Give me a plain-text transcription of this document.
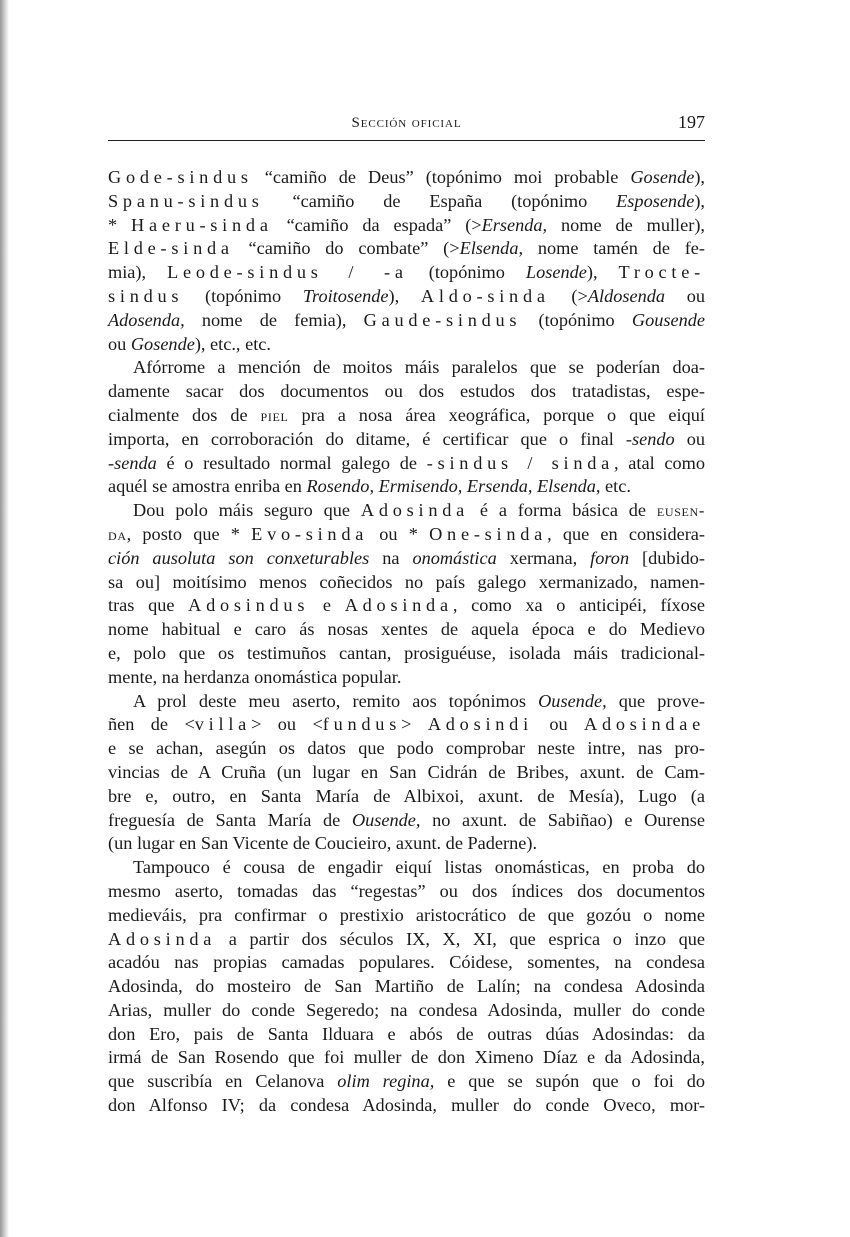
Sección oficial	197
Gode-sindus “camiño de Deus” (topónimo moi probable Gosende),
Spanu-sindus “camiño de España (topónimo Esposende),
* Haeru-sinda “camiño da espada” (>Ersenda, nome de muller),
Elde-sinda “camiño do combate” (>Elsenda, nome tamén de fe-
mia), Leode-sindus / -a (topónimo Losende), Trocte-
sindus (topónimo Troitosende), Aldo-sinda (>Aldosenda ou
Adosenda, nome de femia), Gaude-sindus (topónimo Gousende
ou Gosende), etc., etc.
Afórrome a mención de moitos máis paralelos que se poderían doa-
damente sacar dos documentos ou dos estudos dos tratadistas, espe-
cialmente dos de piel pra a nosa área xeográfica, porque o que eiquí
importa, en corroboración do ditame, é certificar que o final -sendo ou
-senda é o resultado normal galego de -sindus / sinda, atal como
aquél se amostra enriba en Rosendo, Ermisendo, Ersenda, Elsenda, etc.
Dou polo máis seguro que Adosinda é a forma básica de eusen-
da, posto que * Evo-sinda ou * One-sinda, que en considera-
ción ausoluta son conxeturables na onomástica xermana, foron [dubido-
sa ou] moitísimo menos coñecidos no país galego xermanizado, namen-
tras que Adosindus e Adosinda, como xa o anticipéi, fíxose
nome habitual e caro ás nosas xentes de aquela época e do Medievo
e, polo que os testimuños cantan, prosiguéuse, isolada máis tradicional-
mente, na herdanza onomástica popular.
A prol deste meu aserto, remito aos topónimos Ousende, que prove-
ñen de <villa> ou <fundus> Adosindi ou Adosindae
e se achan, asegún os datos que podo comprobar neste intre, nas pro-
vincias de A Cruña (un lugar en San Cidrán de Bribes, axunt. de Cam-
bre e, outro, en Santa María de Albixoi, axunt. de Mesía), Lugo (a
freguesía de Santa María de Ousende, no axunt. de Sabiñao) e Ourense
(un lugar en San Vicente de Coucieiro, axunt. de Paderne).
Tampouco é cousa de engadir eiquí listas onomásticas, en proba do
mesmo aserto, tomadas das “regestas” ou dos índices dos documentos
medieváis, pra confirmar o prestixio aristocrático de que gozóu o nome
Adosinda a partir dos séculos IX, X, XI, que esprica o inzo que
acadóu nas propias camadas populares. Cóidese, somentes, na condesa
Adosinda, do mosteiro de San Martiño de Lalín; na condesa Adosinda
Arias, muller do conde Segeredo; na condesa Adosinda, muller do conde
don Ero, pais de Santa Ilduara e abós de outras dúas Adosindas: da
irmá de San Rosendo que foi muller de don Ximeno Díaz e da Adosinda,
que suscribía en Celanova olim regina, e que se supón que o foi do
don Alfonso IV; da condesa Adosinda, muller do conde Oveco, mor-
